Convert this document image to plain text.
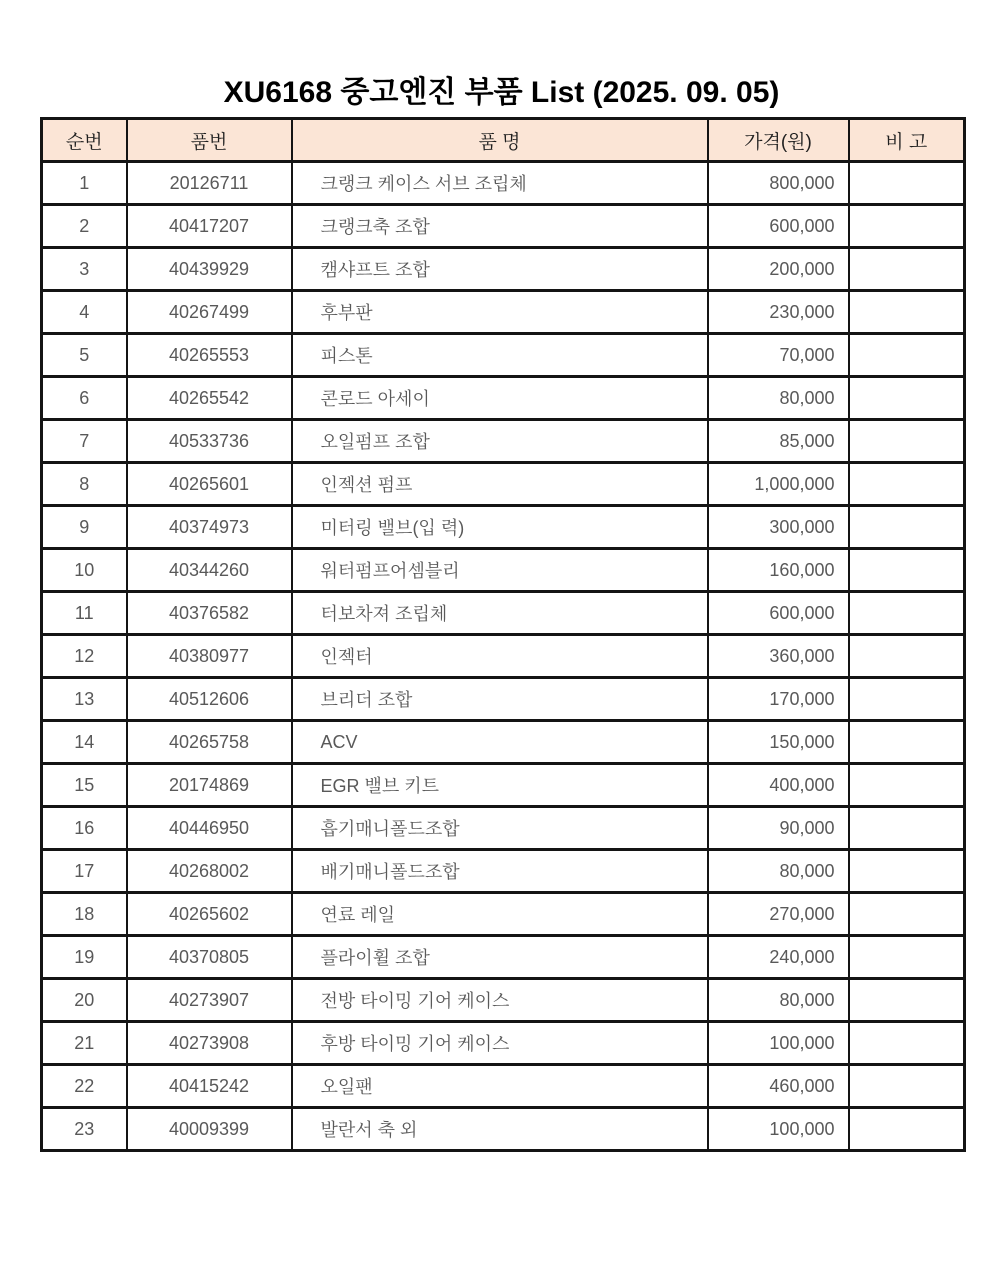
XU6168 중고엔진 부품 List (2025. 09. 05)
순번	품번	품 명	가격(원)	비 고
1	20126711	크랭크 케이스 서브 조립체	800,000	
2	40417207	크랭크축 조합	600,000	
3	40439929	캠샤프트 조합	200,000	
4	40267499	후부판	230,000	
5	40265553	피스톤	70,000	
6	40265542	콘로드 아세이	80,000	
7	40533736	오일펌프 조합	85,000	
8	40265601	인젝션 펌프	1,000,000	
9	40374973	미터링 밸브(입 력)	300,000	
10	40344260	워터펌프어셈블리	160,000	
11	40376582	터보차져 조립체	600,000	
12	40380977	인젝터	360,000	
13	40512606	브리더 조합	170,000	
14	40265758	ACV	150,000	
15	20174869	EGR 밸브 키트	400,000	
16	40446950	흡기매니폴드조합	90,000	
17	40268002	배기매니폴드조합	80,000	
18	40265602	연료 레일	270,000	
19	40370805	플라이휠 조합	240,000	
20	40273907	전방 타이밍 기어 케이스	80,000	
21	40273908	후방 타이밍 기어 케이스	100,000	
22	40415242	오일팬	460,000	
23	40009399	발란서 축 외	100,000	
